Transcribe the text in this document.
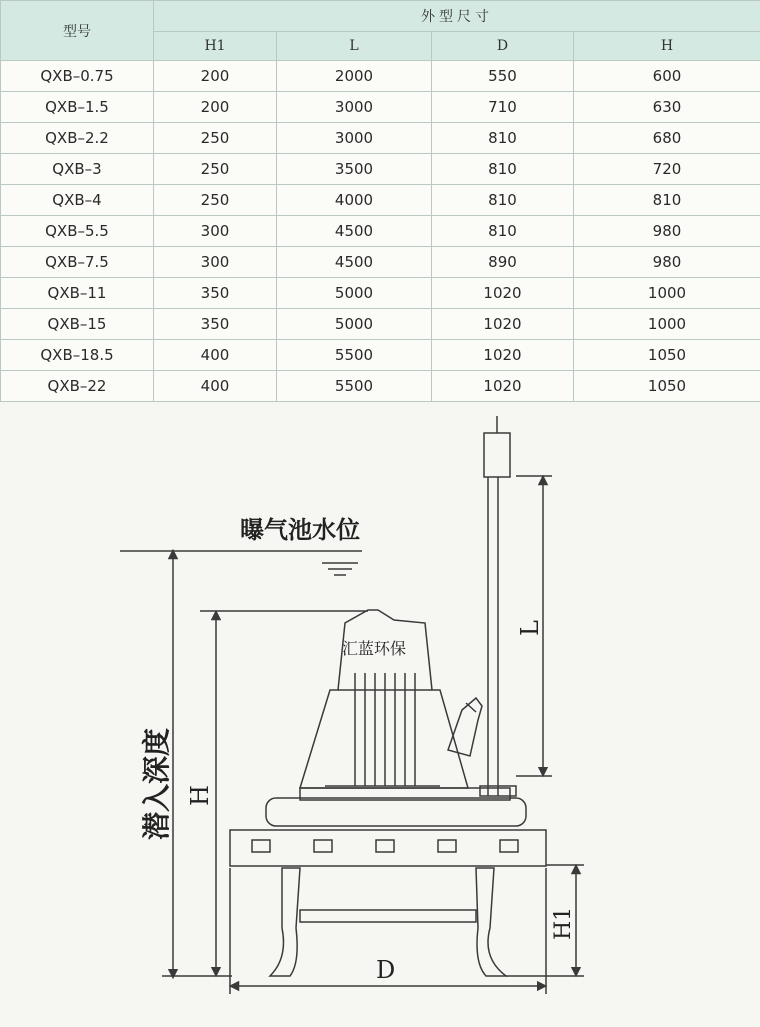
型号	外型尺寸			
	H1	L	D	H
QXB–0.75	200	2000	550	600
QXB–1.5	200	3000	710	630
QXB–2.2	250	3000	810	680
QXB–3	250	3500	810	720
QXB–4	250	4000	810	810
QXB–5.5	300	4500	810	980
QXB–7.5	300	4500	890	980
QXB–11	350	5000	1020	1000
QXB–15	350	5000	1020	1000
QXB–18.5	400	5500	1020	1050
QXB–22	400	5500	1020	1050
曝气池水位
汇蓝环保
潜入深度 H
L
D
H1
